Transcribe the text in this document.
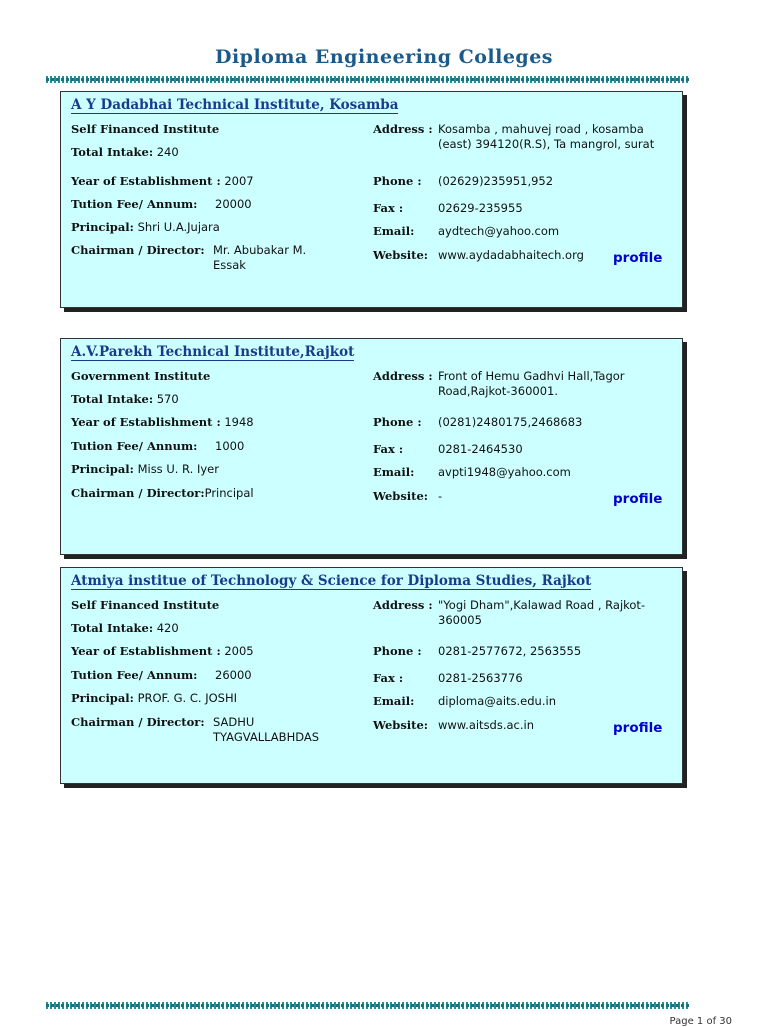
Diploma Engineering Colleges
A Y Dadabhai Technical Institute, Kosamba
Self Financed Institute
Total Intake: 240
Year of Establishment : 2007
Tution Fee/ Annum: 20000
Principal: Shri U.A.Jujara
Chairman / Director: Mr. Abubakar M. Essak
Address : Kosamba , mahuvej road , kosamba (east) 394120(R.S), Ta mangrol, surat
Phone : (02629)235951,952
Fax :	02629-235955
Email: aydtech@yahoo.com
Website: www.aydadabhaitech.org profile
A.V.Parekh Technical Institute,Rajkot
Government Institute
Total Intake: 570
Year of Establishment : 1948
Tution Fee/ Annum: 1000
Principal: Miss U. R. Iyer
Chairman / Director:Principal
Address : Front of Hemu Gadhvi Hall,Tagor Road,Rajkot-360001.
Phone : (0281)2480175,2468683
Fax :	0281-2464530
Email: avpti1948@yahoo.com
Website: -	profile
Atmiya institue of Technology & Science for Diploma Studies, Rajkot
Self Financed Institute
Total Intake: 420
Year of Establishment : 2005
Tution Fee/ Annum: 26000
Principal: PROF. G. C. JOSHI
Chairman / Director: SADHU TYAGVALLABHDAS
Address : "Yogi Dham",Kalawad Road , Rajkot-360005
Phone : 0281-2577672, 2563555
Fax :	0281-2563776
Email: diploma@aits.edu.in
Website: www.aitsds.ac.in	profile
Page 1 of 30
